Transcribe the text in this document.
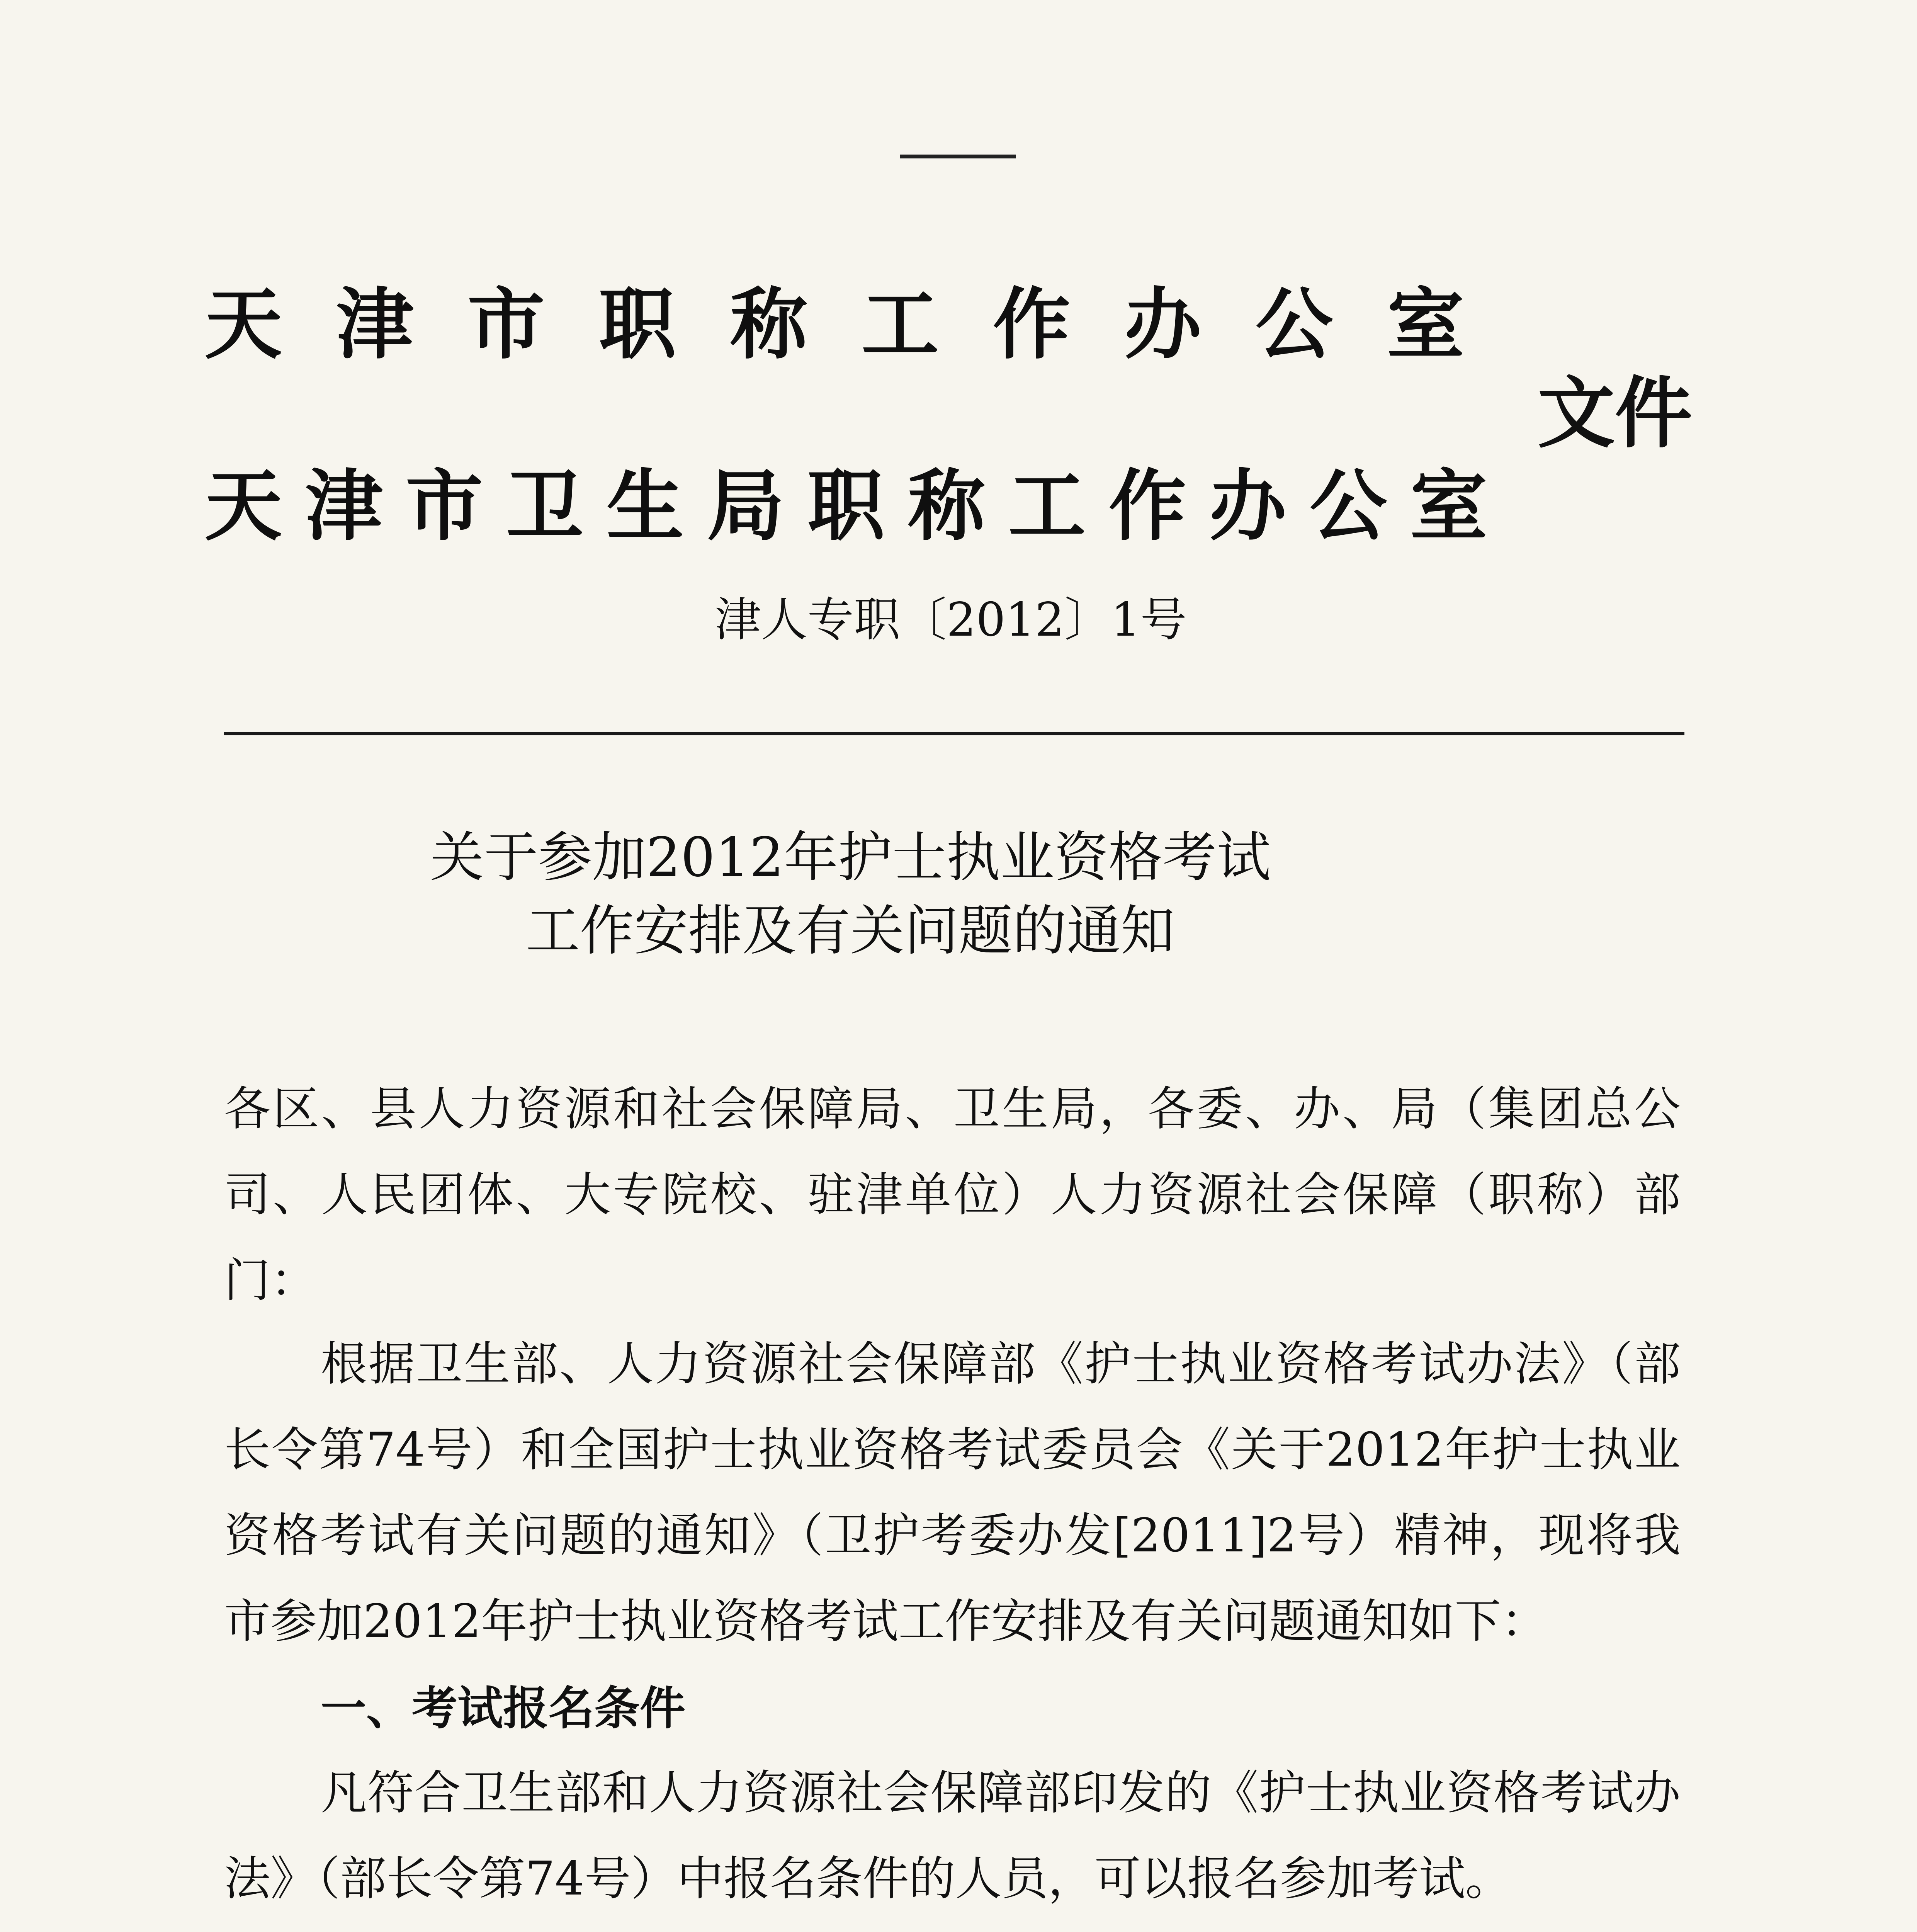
天津市职称工作办公室
天津市卫生局职称工作办公室
文件
津人专职〔2012〕1号
关于参加2012年护士执业资格考试
工作安排及有关问题的通知
各区、县人力资源和社会保障局、卫生局，各委、办、局（集团总公司、人民团体、大专院校、驻津单位）人力资源社会保障（职称）部门：
根据卫生部、人力资源社会保障部《护士执业资格考试办法》（部长令第74号）和全国护士执业资格考试委员会《关于2012年护士执业资格考试有关问题的通知》（卫护考委办发[2011]2号）精神，现将我市参加2012年护士执业资格考试工作安排及有关问题通知如下：
一、考试报名条件
凡符合卫生部和人力资源社会保障部印发的《护士执业资格考试办法》（部长令第74号）中报名条件的人员，可以报名参加考试。
